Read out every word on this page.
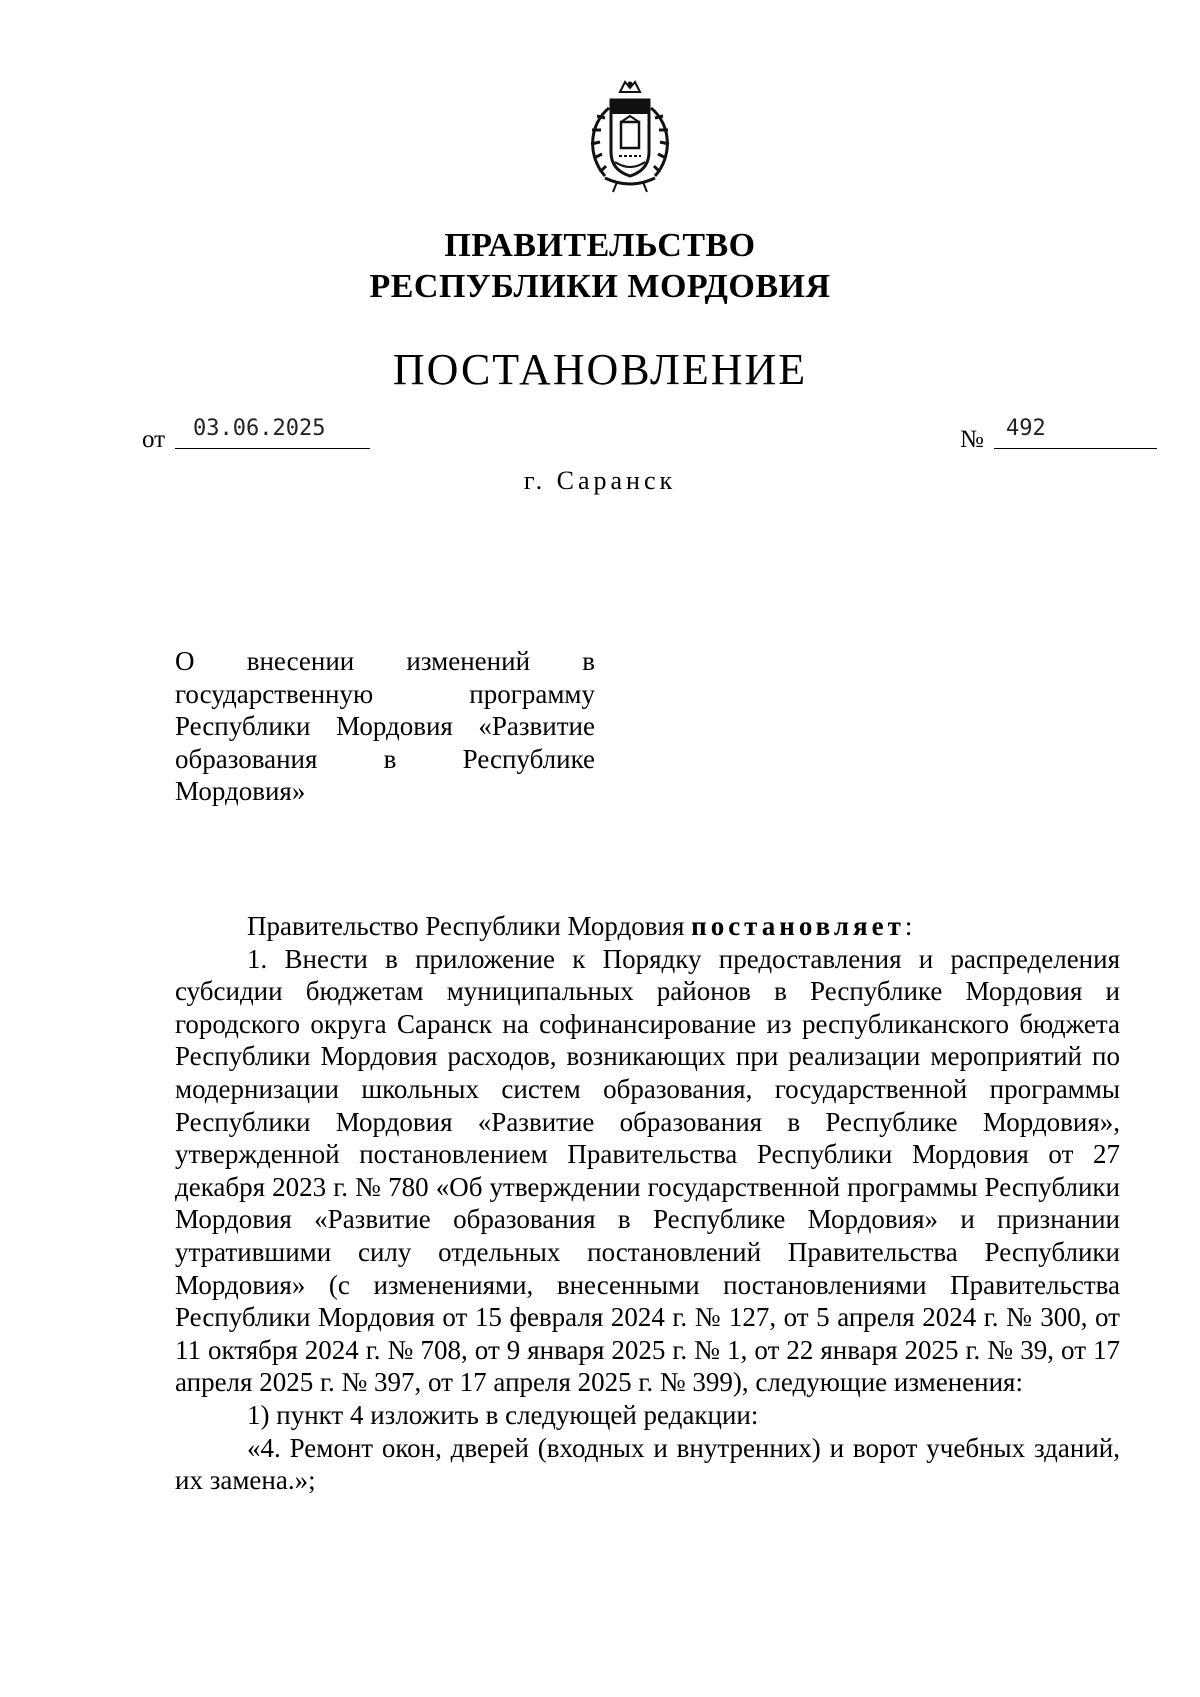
ПРАВИТЕЛЬСТВО
РЕСПУБЛИКИ МОРДОВИЯ
ПОСТАНОВЛЕНИЕ
от 03.06.2025	№ 492
г. Саранск
О внесении изменений в государственную программу Республики Мордовия «Развитие образования в Республике Мордовия»

Правительство Республики Мордовия постановляет:

1. Внести в приложение к Порядку предоставления и распределения субсидии бюджетам муниципальных районов в Республике Мордовия и городского округа Саранск на софинансирование из республиканского бюджета Республики Мордовия расходов, возникающих при реализации мероприятий по модернизации школьных систем образования, государственной программы Республики Мордовия «Развитие образования в Республике Мордовия», утвержденной постановлением Правительства Республики Мордовия от 27 декабря 2023 г. № 780 «Об утверждении государственной программы Республики Мордовия «Развитие образования в Республике Мордовия» и признании утратившими силу отдельных постановлений Правительства Республики Мордовия» (с изменениями, внесенными постановлениями Правительства Республики Мордовия от 15 февраля 2024 г. № 127, от 5 апреля 2024 г. № 300, от 11 октября 2024 г. № 708, от 9 января 2025 г. № 1, от 22 января 2025 г. № 39, от 17 апреля 2025 г. № 397, от 17 апреля 2025 г. № 399), следующие изменения:

1) пункт 4 изложить в следующей редакции:

«4. Ремонт окон, дверей (входных и внутренних) и ворот учебных зданий, их замена.»;
